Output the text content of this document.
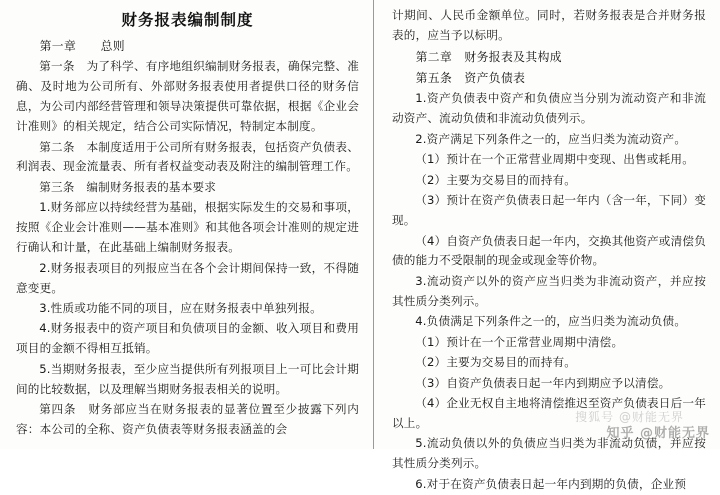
财务报表编制制度
第一章　　总则
第一条　为了科学、有序地组织编制财务报表，确保完整、准确、及时地为公司所有、外部财务报表使用者提供口径的财务信息，为公司内部经营管理和领导决策提供可靠依据，根据《企业会计准则》的相关规定，结合公司实际情况，特制定本制度。
第二条　本制度适用于公司所有财务报表，包括资产负债表、利润表、现金流量表、所有者权益变动表及附注的编制管理工作。
第三条　编制财务报表的基本要求
1.财务部应以持续经营为基础，根据实际发生的交易和事项，按照《企业会计准则——基本准则》和其他各项会计准则的规定进行确认和计量，在此基础上编制财务报表。
2.财务报表项目的列报应当在各个会计期间保持一致，不得随意变更。
3.性质或功能不同的项目，应在财务报表中单独列报。
4.财务报表中的资产项目和负债项目的金额、收入项目和费用项目的金额不得相互抵销。
5.当期财务报表，至少应当提供所有列报项目上一可比会计期间的比较数据，以及理解当期财务报表相关的说明。
第四条　财务部应当在财务报表的显著位置至少披露下列内容：本公司的全称、资产负债表等财务报表涵盖的会
计期间、人民币金额单位。同时，若财务报表是合并财务报表的，应当予以标明。
第二章　财务报表及其构成
第五条　资产负债表
1.资产负债表中资产和负债应当分别为流动资产和非流动资产、流动负债和非流动负债列示。
2.资产满足下列条件之一的，应当归类为流动资产。
（1）预计在一个正常营业周期中变现、出售或耗用。
（2）主要为交易目的而持有。
（3）预计在资产负债表日起一年内（含一年，下同）变现。
（4）自资产负债表日起一年内，交换其他资产或清偿负债的能力不受限制的现金或现金等价物。
3.流动资产以外的资产应当归类为非流动资产，并应按其性质分类列示。
4.负债满足下列条件之一的，应当归类为流动负债。
（1）预计在一个正常营业周期中清偿。
（2）主要为交易目的而持有。
（3）自资产负债表日起一年内到期应予以清偿。
（4）企业无权自主地将清偿推迟至资产负债表日后一年以上。
5.流动负债以外的负债应当归类为非流动负债，并应按其性质分类列示。
6.对于在资产负债表日起一年内到期的负债，企业预
搜狐号 @财能无界
知乎 @财能无界
